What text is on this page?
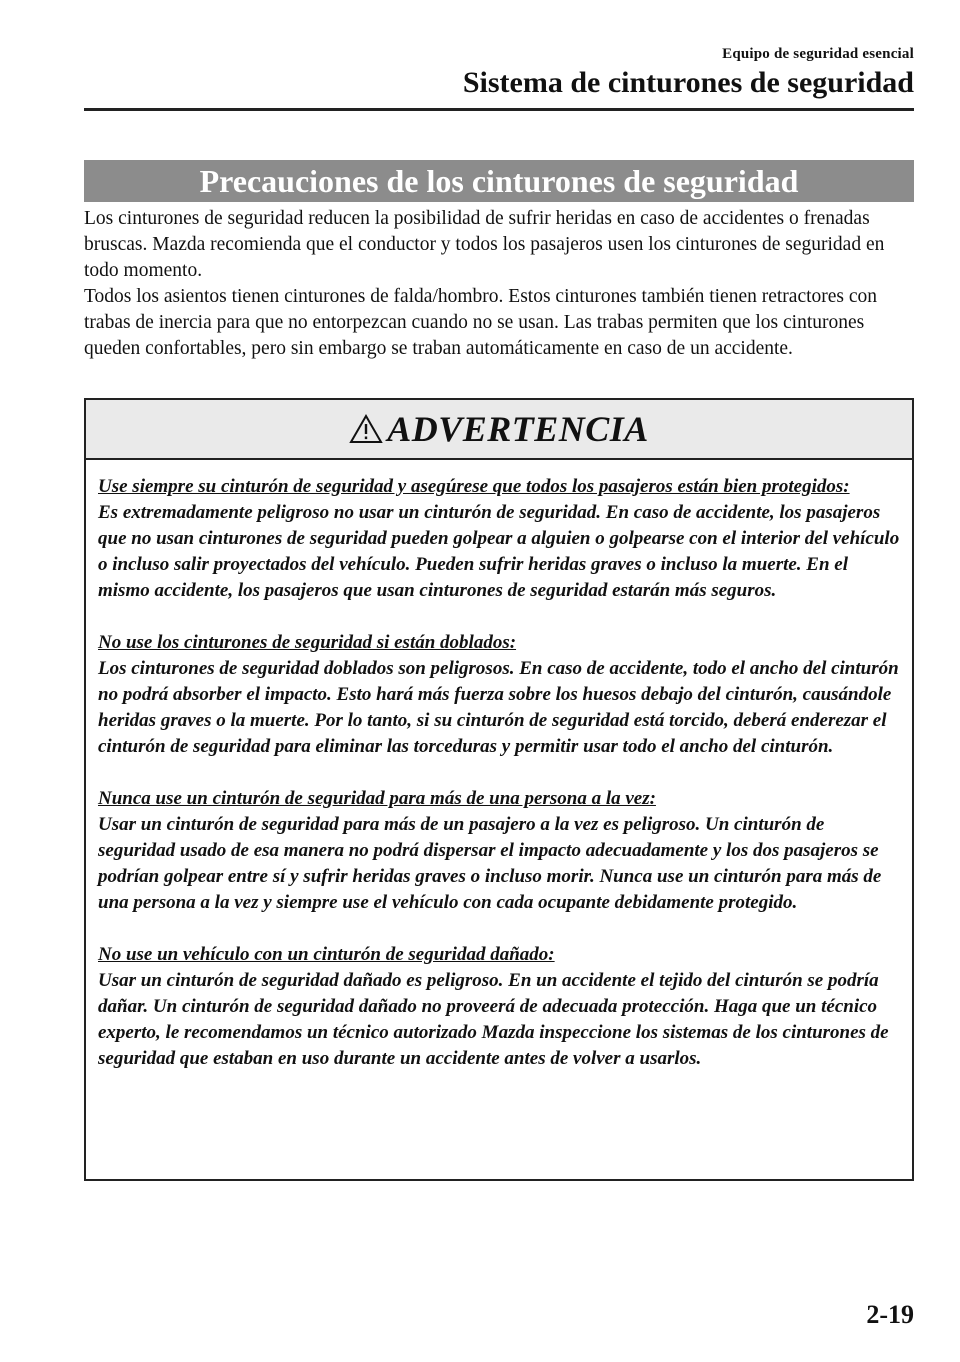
Equipo de seguridad esencial
Sistema de cinturones de seguridad
Precauciones de los cinturones de seguridad

Los cinturones de seguridad reducen la posibilidad de sufrir heridas en caso de accidentes o frenadas bruscas. Mazda recomienda que el conductor y todos los pasajeros usen los cinturones de seguridad en todo momento.

Todos los asientos tienen cinturones de falda/hombro. Estos cinturones también tienen retractores con trabas de inercia para que no entorpezcan cuando no se usan. Las trabas permiten que los cinturones queden confortables, pero sin embargo se traban automáticamente en caso de un accidente.

ADVERTENCIA
Use siempre su cinturón de seguridad y asegúrese que todos los pasajeros están bien protegidos:
Es extremadamente peligroso no usar un cinturón de seguridad. En caso de accidente, los pasajeros que no usan cinturones de seguridad pueden golpear a alguien o golpearse con el interior del vehículo o incluso salir proyectados del vehículo. Pueden sufrir heridas graves o incluso la muerte. En el mismo accidente, los pasajeros que usan cinturones de seguridad estarán más seguros.
No use los cinturones de seguridad si están doblados:
Los cinturones de seguridad doblados son peligrosos. En caso de accidente, todo el ancho del cinturón no podrá absorber el impacto. Esto hará más fuerza sobre los huesos debajo del cinturón, causándole heridas graves o la muerte. Por lo tanto, si su cinturón de seguridad está torcido, deberá enderezar el cinturón de seguridad para eliminar las torceduras y permitir usar todo el ancho del cinturón.
Nunca use un cinturón de seguridad para más de una persona a la vez:
Usar un cinturón de seguridad para más de un pasajero a la vez es peligroso. Un cinturón de seguridad usado de esa manera no podrá dispersar el impacto adecuadamente y los dos pasajeros se podrían golpear entre sí y sufrir heridas graves o incluso morir. Nunca use un cinturón para más de una persona a la vez y siempre use el vehículo con cada ocupante debidamente protegido.
No use un vehículo con un cinturón de seguridad dañado:
Usar un cinturón de seguridad dañado es peligroso. En un accidente el tejido del cinturón se podría dañar. Un cinturón de seguridad dañado no proveerá de adecuada protección. Haga que un técnico experto, le recomendamos un técnico autorizado Mazda inspeccione los sistemas de los cinturones de seguridad que estaban en uso durante un accidente antes de volver a usarlos.
2-19
